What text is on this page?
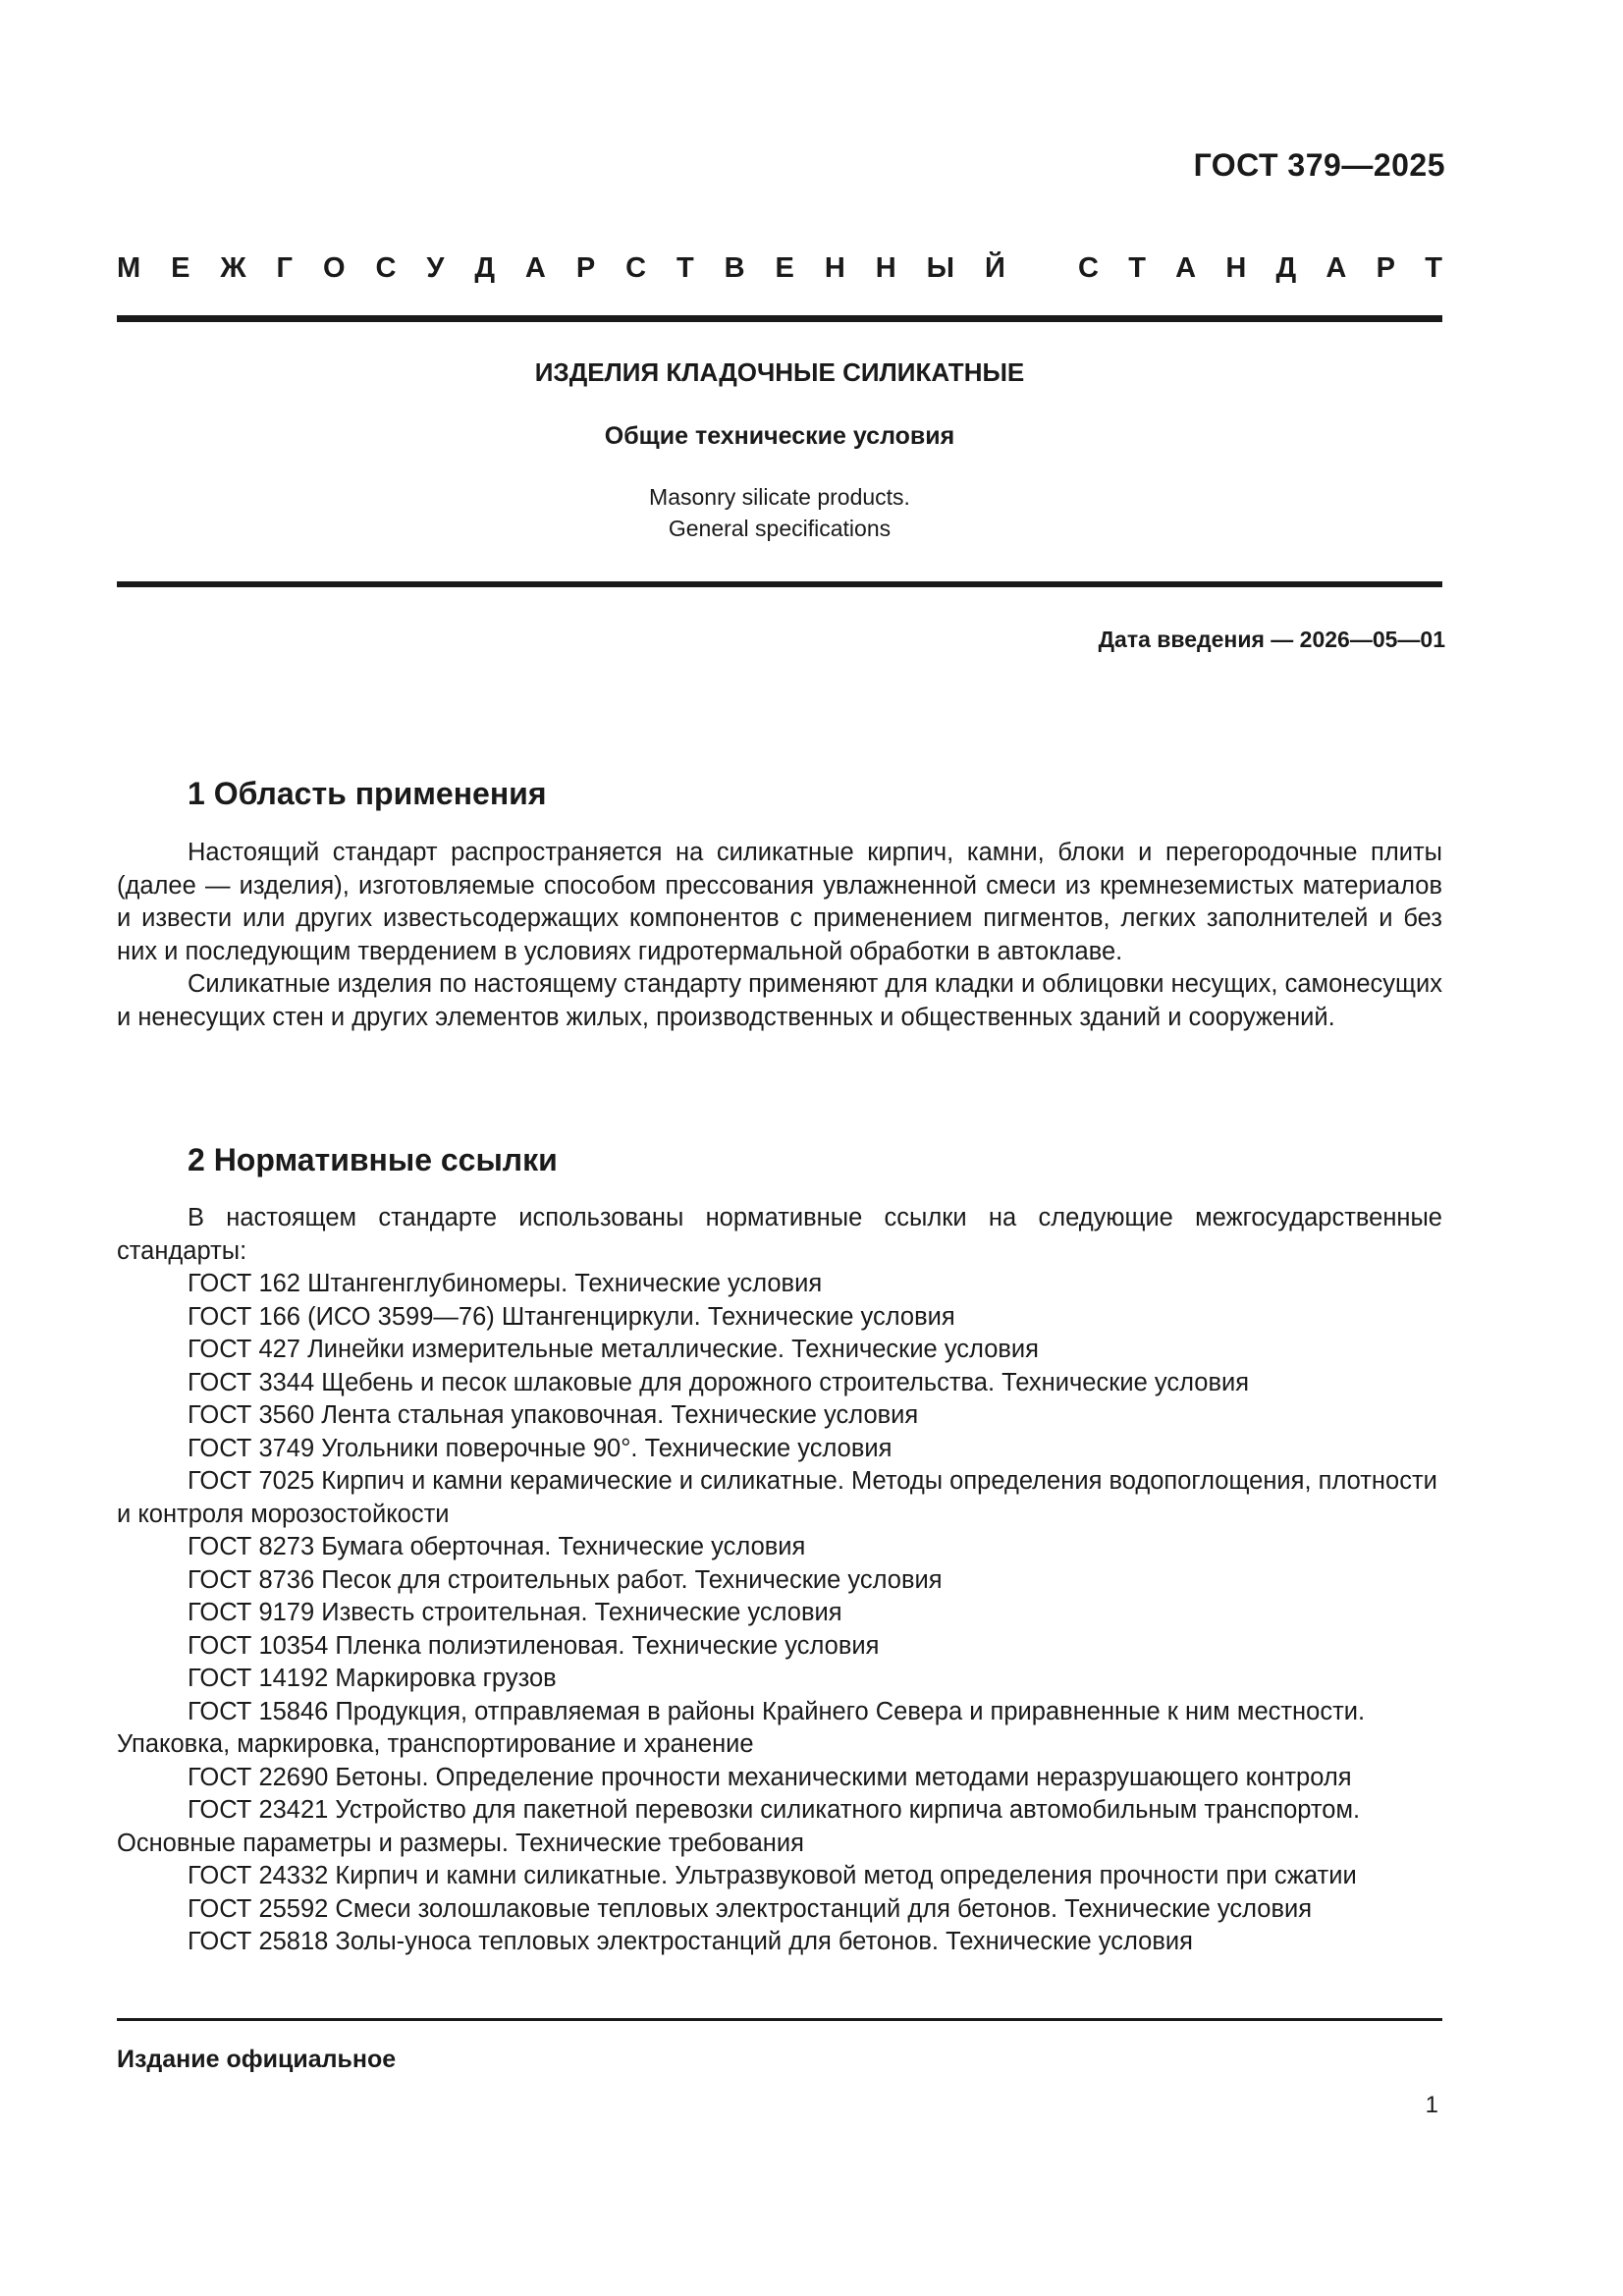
ГОСТ 379—2025
М Е Ж Г О С У Д А Р С Т В Е Н Н Ы Й	С Т А Н Д А Р Т
ИЗДЕЛИЯ КЛАДОЧНЫЕ СИЛИКАТНЫЕ
Общие технические условия
Masonry silicate products.
General specifications
Дата введения — 2026—05—01
1 Область применения

Настоящий стандарт распространяется на силикатные кирпич, камни, блоки и перегородочные плиты (далее — изделия), изготовляемые способом прессования увлажненной смеси из кремнеземистых материалов и извести или других известьсодержащих компонентов с применением пигментов, легких заполнителей и без них и последующим твердением в условиях гидротермальной обработки в автоклаве.

Силикатные изделия по настоящему стандарту применяют для кладки и облицовки несущих, самонесущих и ненесущих стен и других элементов жилых, производственных и общественных зданий и сооружений.

2 Нормативные ссылки

В настоящем стандарте использованы нормативные ссылки на следующие межгосударственные стандарты:

ГОСТ 162 Штангенглубиномеры. Технические условия

ГОСТ 166 (ИСО 3599—76) Штангенциркули. Технические условия

ГОСТ 427 Линейки измерительные металлические. Технические условия

ГОСТ 3344 Щебень и песок шлаковые для дорожного строительства. Технические условия

ГОСТ 3560 Лента стальная упаковочная. Технические условия

ГОСТ 3749 Угольники поверочные 90°. Технические условия

ГОСТ 7025 Кирпич и камни керамические и силикатные. Методы определения водопоглощения, плотности и контроля морозостойкости

ГОСТ 8273 Бумага оберточная. Технические условия

ГОСТ 8736 Песок для строительных работ. Технические условия

ГОСТ 9179 Известь строительная. Технические условия

ГОСТ 10354 Пленка полиэтиленовая. Технические условия

ГОСТ 14192 Маркировка грузов

ГОСТ 15846 Продукция, отправляемая в районы Крайнего Севера и приравненные к ним местности. Упаковка, маркировка, транспортирование и хранение

ГОСТ 22690 Бетоны. Определение прочности механическими методами неразрушающего контроля

ГОСТ 23421 Устройство для пакетной перевозки силикатного кирпича автомобильным транспортом. Основные параметры и размеры. Технические требования

ГОСТ 24332 Кирпич и камни силикатные. Ультразвуковой метод определения прочности при сжатии

ГОСТ 25592 Смеси золошлаковые тепловых электростанций для бетонов. Технические условия

ГОСТ 25818 Золы-уноса тепловых электростанций для бетонов. Технические условия

Издание официальное
1
